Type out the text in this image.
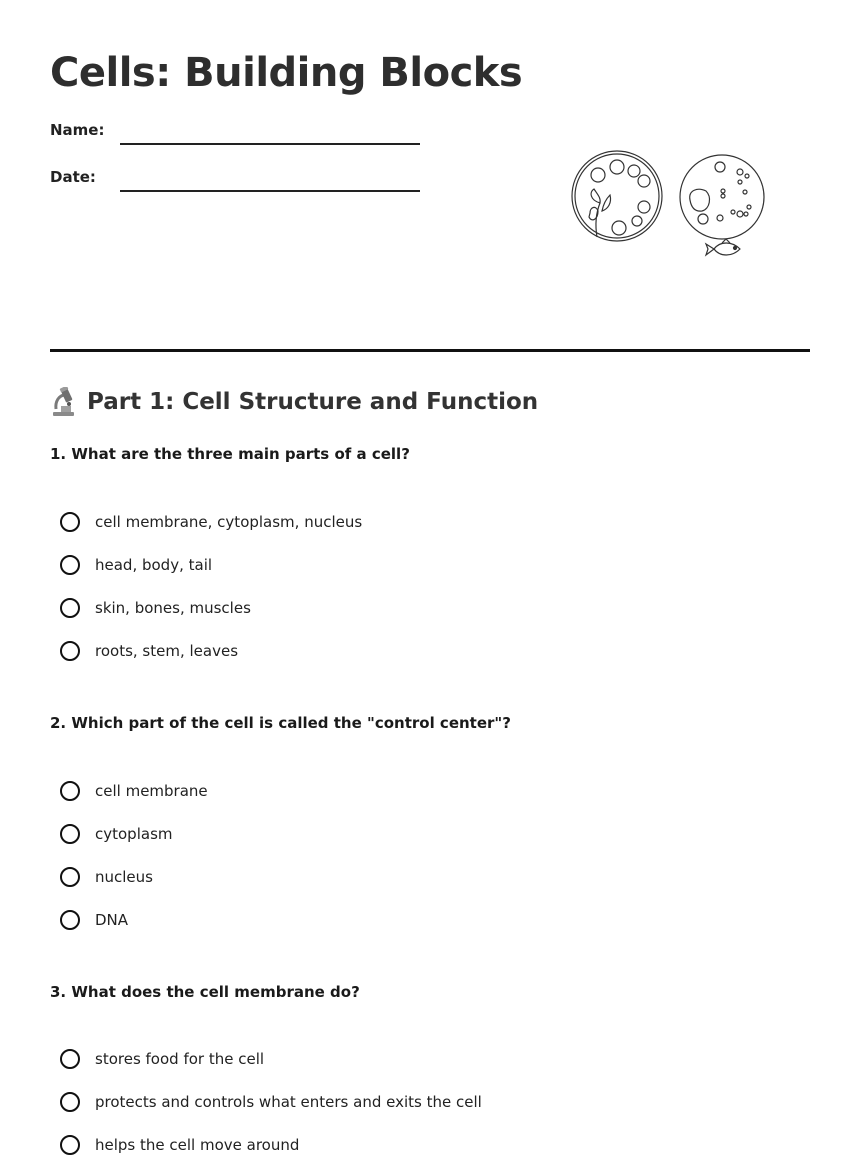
Cells: Building Blocks
Name:
Date:
Part 1: Cell Structure and Function

1. What are the three main parts of a cell?

cell membrane, cytoplasm, nucleus
head, body, tail
skin, bones, muscles
roots, stem, leaves

2. Which part of the cell is called the "control center"?

cell membrane
cytoplasm
nucleus
DNA

3. What does the cell membrane do?

stores food for the cell
protects and controls what enters and exits the cell
helps the cell move around
